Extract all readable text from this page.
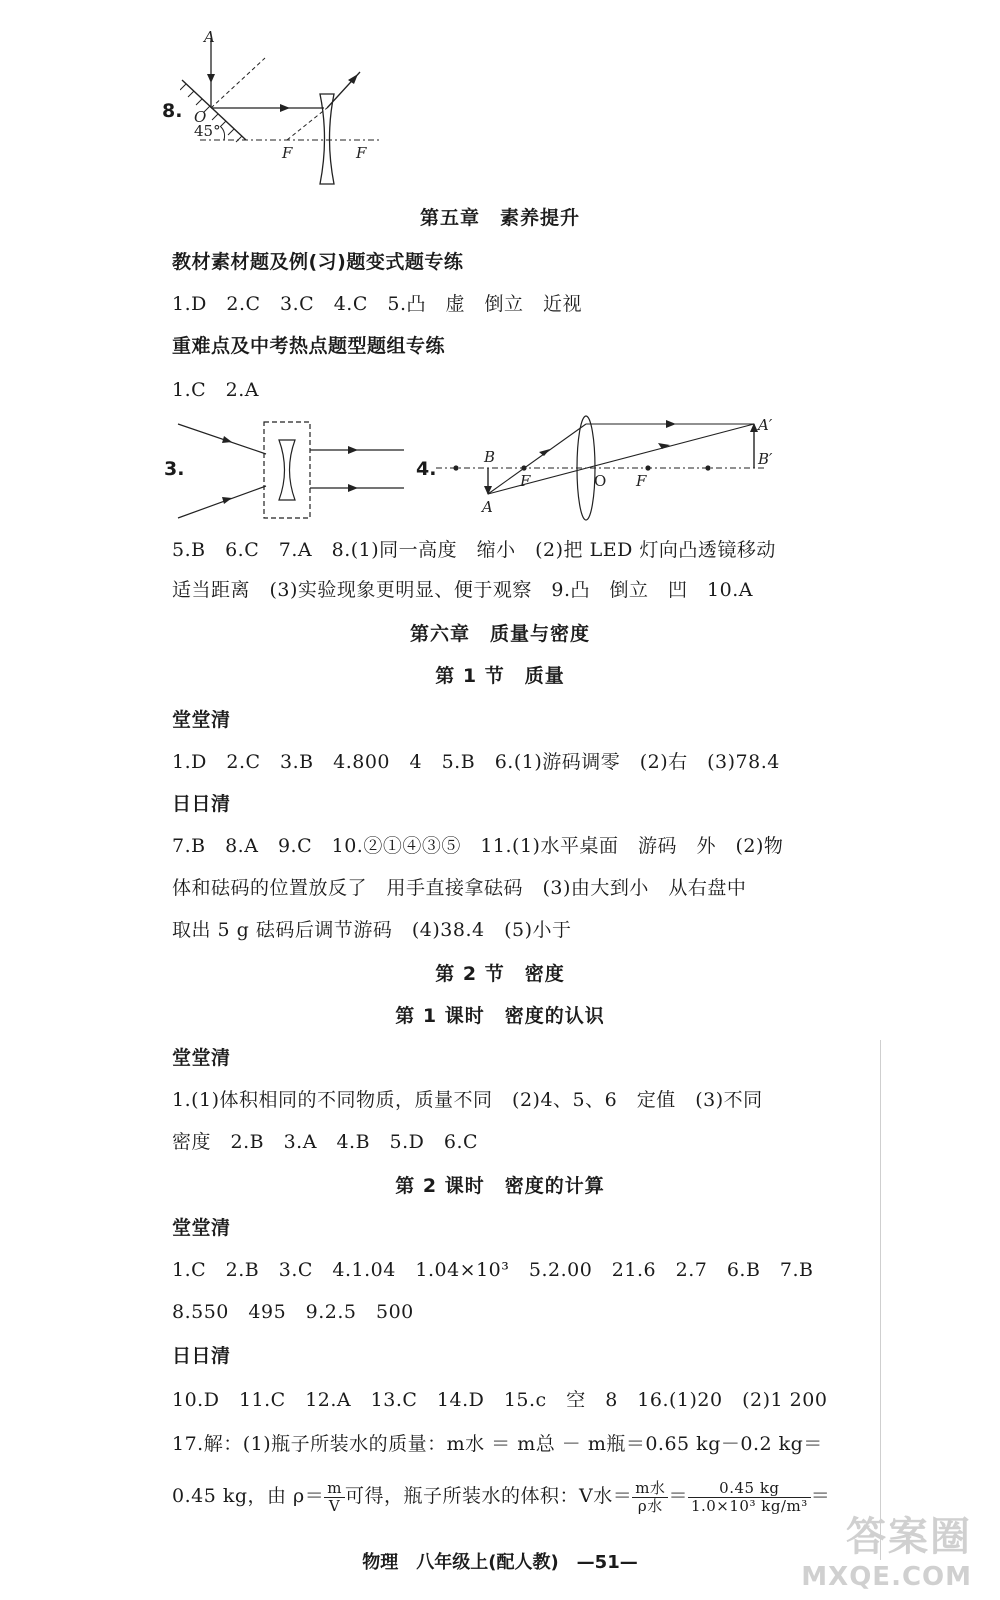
8.
A
O
45°
F	F
第五章　素养提升
教材素材题及例(习)题变式题专练
1.D　2.C　3.C　4.C　5.凸　虚　倒立　近视
重难点及中考热点题型题组专练
1.C　2.A
3.	4.
B
A
F	O F
A′
B′
5.B　6.C　7.A　8.(1)同一高度　缩小　(2)把 LED 灯向凸透镜移动
适当距离　(3)实验现象更明显、便于观察　9.凸　倒立　凹　10.A
第六章　质量与密度
第 1 节　质量
堂堂清
1.D　2.C　3.B　4.800　4　5.B　6.(1)游码调零　(2)右　(3)78.4
日日清
7.B　8.A　9.C　10.②①④③⑤　11.(1)水平桌面　游码　外　(2)物
体和砝码的位置放反了　用手直接拿砝码　(3)由大到小　从右盘中
取出 5 g 砝码后调节游码　(4)38.4　(5)小于
第 2 节　密度
第 1 课时　密度的认识
堂堂清
1.(1)体积相同的不同物质，质量不同　(2)4、5、6　定值　(3)不同
密度　2.B　3.A　4.B　5.D　6.C
第 2 课时　密度的计算
堂堂清
1.C　2.B　3.C　4.1.04　1.04×10³　5.2.00　21.6　2.7　6.B　7.B
8.550　495　9.2.5　500
日日清
10.D　11.C　12.A　13.C　14.D　15.c　空　8　16.(1)20　(2)1 200
17.解：(1)瓶子所装水的质量：m水 ＝ m总 － m瓶＝0.65 kg－0.2 kg＝
0.45 kg，由 $\rho= \frac{m}{V}$ 可得，瓶子所装水的体积：V水＝ $\frac{\text{m水}}{\text{ρ水}} = \frac{0.45 kg}{\text{1.0×10³ kg/m³}}$ ＝
物理　八年级上(配人教)　—51—
答案圈
MXQE.COM
